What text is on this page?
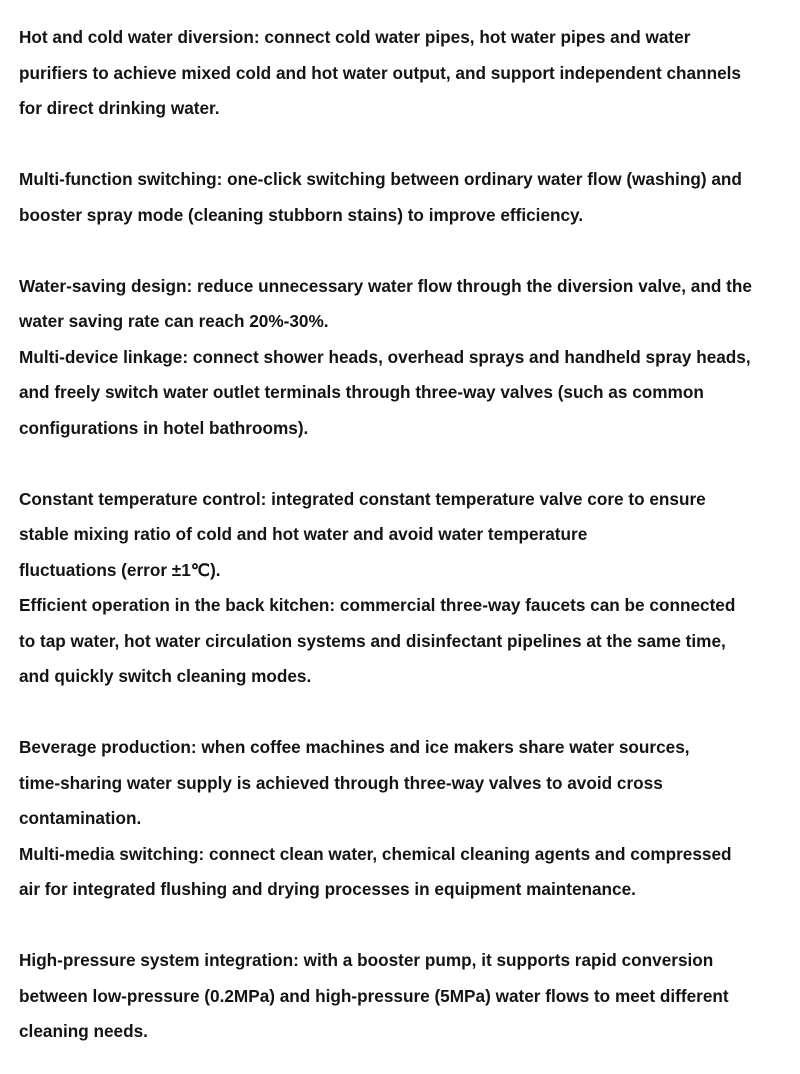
Hot and cold water diversion: connect cold water pipes, hot water pipes and water
purifiers to achieve mixed cold and hot water output, and support independent channels
for direct drinking water.
Multi-function switching: one-click switching between ordinary water flow (washing) and
booster spray mode (cleaning stubborn stains) to improve efficiency.
Water-saving design: reduce unnecessary water flow through the diversion valve, and the
water saving rate can reach 20%-30%.
Multi-device linkage: connect shower heads, overhead sprays and handheld spray heads,
and freely switch water outlet terminals through three-way valves (such as common
configurations in hotel bathrooms).
Constant temperature control: integrated constant temperature valve core to ensure
stable mixing ratio of cold and hot water and avoid water temperature
fluctuations (error ±1℃).
Efficient operation in the back kitchen: commercial three-way faucets can be connected
to tap water, hot water circulation systems and disinfectant pipelines at the same time,
and quickly switch cleaning modes.
Beverage production: when coffee machines and ice makers share water sources,
time-sharing water supply is achieved through three-way valves to avoid cross
contamination.
Multi-media switching: connect clean water, chemical cleaning agents and compressed
air for integrated flushing and drying processes in equipment maintenance.
High-pressure system integration: with a booster pump, it supports rapid conversion
between low-pressure (0.2MPa) and high-pressure (5MPa) water flows to meet different
cleaning needs.
